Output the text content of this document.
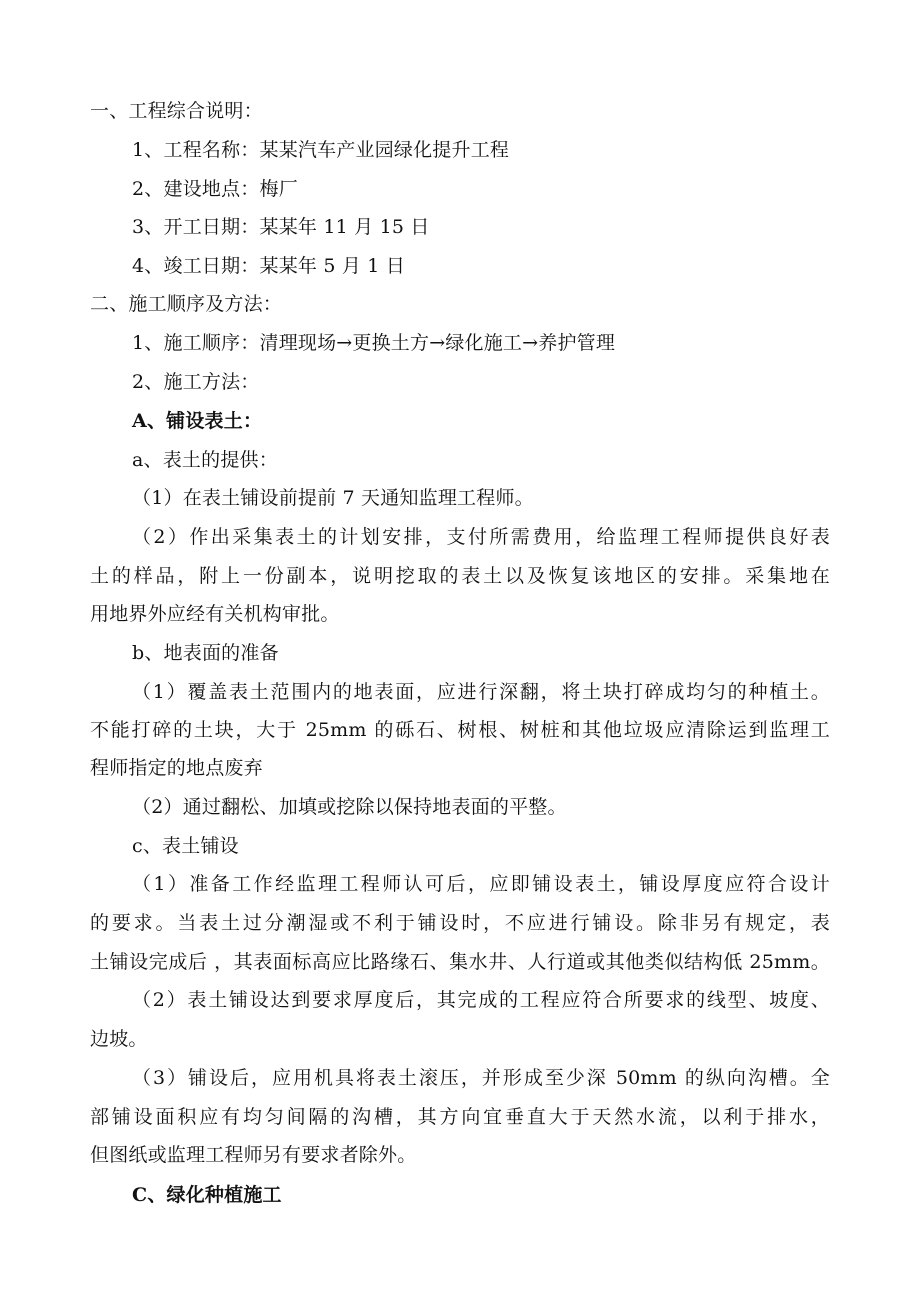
一、工程综合说明：
1、工程名称：某某汽车产业园绿化提升工程
2、建设地点：梅厂
3、开工日期：某某年 11 月 15 日
4、竣工日期：某某年 5 月 1 日
二、施工顺序及方法：
1、施工顺序：清理现场→更换土方→绿化施工→养护管理
2、施工方法：
A、铺设表土：
a、表土的提供：
（1）在表土铺设前提前 7 天通知监理工程师。
（2）作出采集表土的计划安排，支付所需费用，给监理工程师提供良好表
土的样品，附上一份副本，说明挖取的表土以及恢复该地区的安排。采集地在
用地界外应经有关机构审批。
b、地表面的准备
（1）覆盖表土范围内的地表面，应进行深翻，将土块打碎成均匀的种植土。
不能打碎的土块，大于 25mm 的砾石、树根、树桩和其他垃圾应清除运到监理工
程师指定的地点废弃
（2）通过翻松、加填或挖除以保持地表面的平整。
c、表土铺设
（1）准备工作经监理工程师认可后，应即铺设表土，铺设厚度应符合设计
的要求。当表土过分潮湿或不利于铺设时，不应进行铺设。除非另有规定，表
土铺设完成后 ，其表面标高应比路缘石、集水井、人行道或其他类似结构低 25mm。
（2）表土铺设达到要求厚度后，其完成的工程应符合所要求的线型、坡度、
边坡。
（3）铺设后，应用机具将表土滚压，并形成至少深 50mm 的纵向沟槽。全
部铺设面积应有均匀间隔的沟槽，其方向宜垂直大于天然水流，以利于排水，
但图纸或监理工程师另有要求者除外。
C、绿化种植施工
